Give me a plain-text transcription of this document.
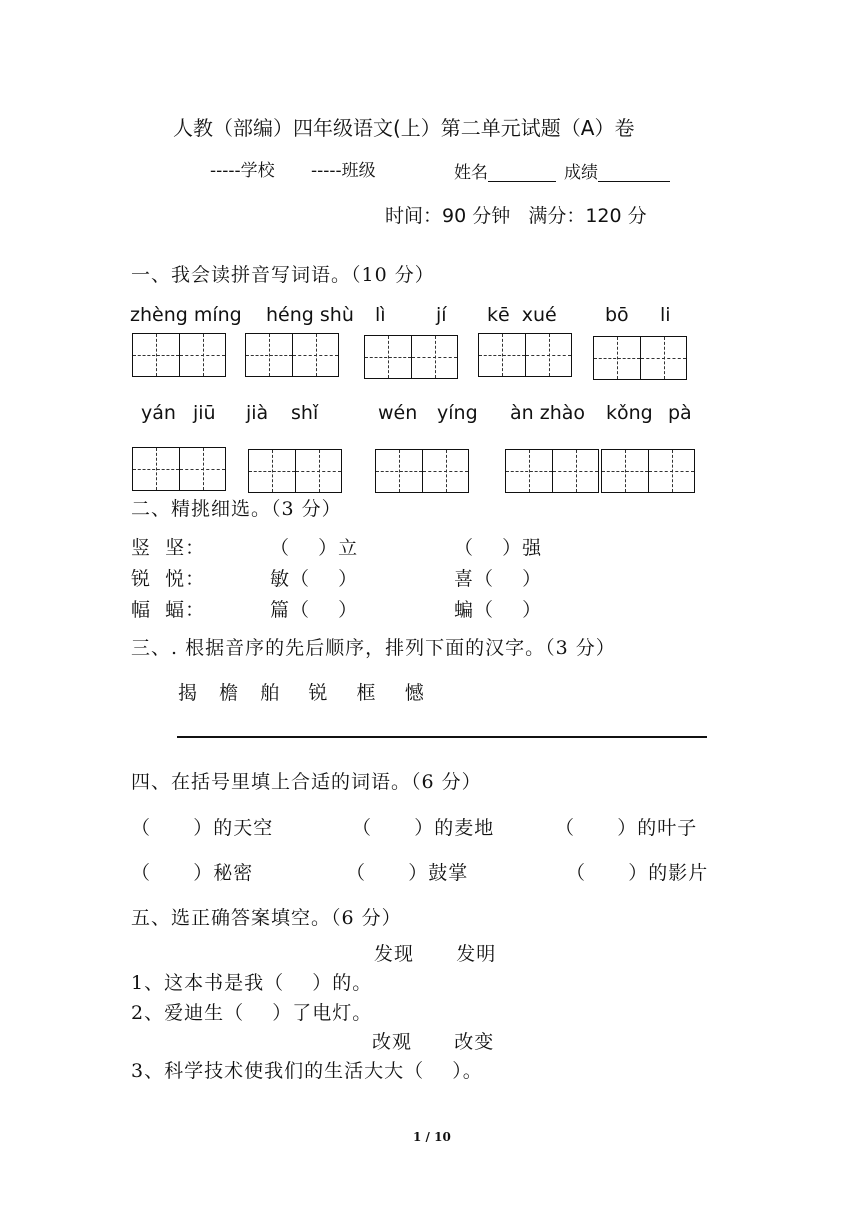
人教（部编）四年级语文(上）第二单元试题（A）卷
-----学校 -----班级	姓名	成绩
时间：90 分钟   满分：120 分
一、我会读拼音写词语。（10 分）
zhèng míng héng shù lì	jí kē  xué	bō li
yán jiū jià shǐ	wén yíng àn zhào kǒng pà
二、精挑细选。（3 分）
竖  坚：	（    ）立	（    ）强
锐  悦：	敏（    ）	喜（    ）
幅  蝠：	篇（    ）	蝙（    ）
三、. 根据音序的先后顺序，排列下面的汉字。（3 分）
揭   檐   舶    锐    框    憾
四、在括号里填上合适的词语。（6 分）
（      ）的天空	（      ）的麦地	（      ）的叶子
（      ）秘密	（      ）鼓掌	（      ）的影片
五、选正确答案填空。（6 分）
发现      发明
1、这本书是我（    ）的。
2、爱迪生（    ）了电灯。
改观      改变
3、科学技术使我们的生活大大（    ）。
1 / 10
